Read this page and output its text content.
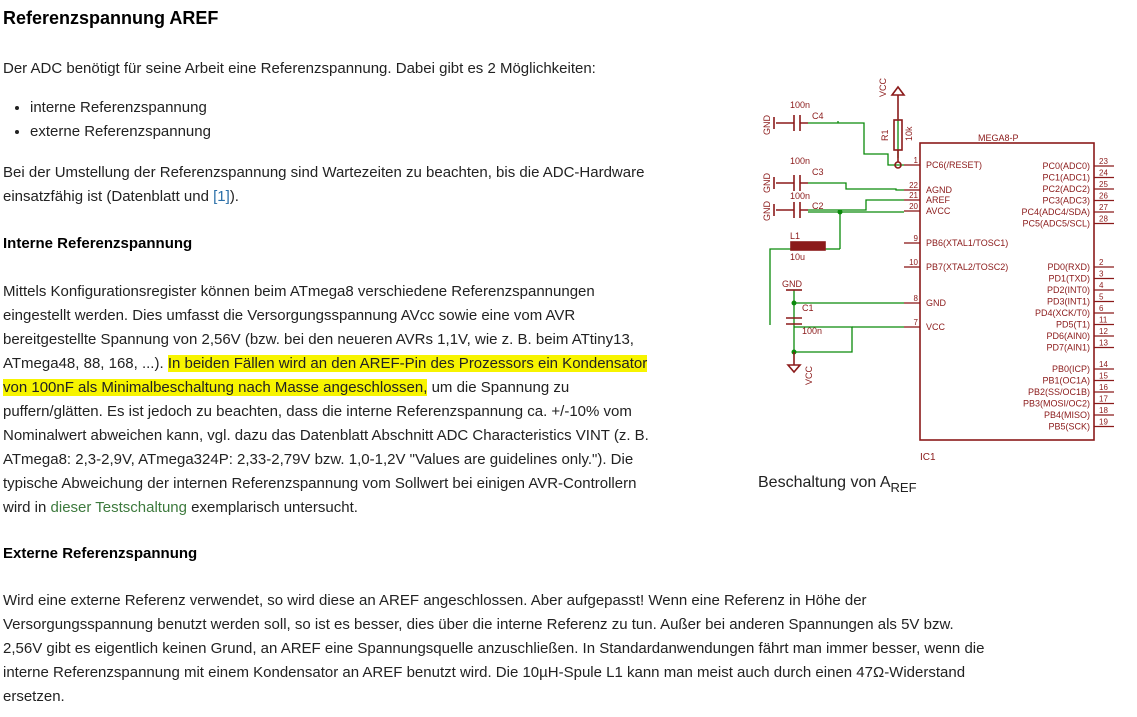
Referenzspannung AREF

Der ADC benötigt für seine Arbeit eine Referenzspannung. Dabei gibt es 2 Möglichkeiten:

• interne Referenzspannung
• externe Referenzspannung

Bei der Umstellung der Referenzspannung sind Wartezeiten zu beachten, bis die ADC-Hardware
einsatzfähig ist (Datenblatt und [1]).

Interne Referenzspannung

Mittels Konfigurationsregister können beim ATmega8 verschiedene Referenzspannungen
eingestellt werden. Dies umfasst die Versorgungsspannung AVcc sowie eine vom AVR
bereitgestellte Spannung von 2,56V (bzw. bei den neueren AVRs 1,1V, wie z. B. beim ATtiny13,
ATmega48, 88, 168, ...). In beiden Fällen wird an den AREF-Pin des Prozessors ein Kondensator
von 100nF als Minimalbeschaltung nach Masse angeschlossen, um die Spannung zu
puffern/glätten. Es ist jedoch zu beachten, dass die interne Referenzspannung ca. +/-10% vom
Nominalwert abweichen kann, vgl. dazu das Datenblatt Abschnitt ADC Characteristics VINT (z. B.
ATmega8: 2,3-2,9V, ATmega324P: 2,33-2,79V bzw. 1,0-1,2V "Values are guidelines only."). Die
typische Abweichung der internen Referenzspannung vom Sollwert bei einigen AVR-Controllern
wird in dieser Testschaltung exemplarisch untersucht.

Externe Referenzspannung

Wird eine externe Referenz verwendet, so wird diese an AREF angeschlossen. Aber aufgepasst! Wenn eine Referenz in Höhe der
Versorgungsspannung benutzt werden soll, so ist es besser, dies über die interne Referenz zu tun. Außer bei anderen Spannungen als 5V bzw.
2,56V gibt es eigentlich keinen Grund, an AREF eine Spannungsquelle anzuschließen. In Standardanwendungen fährt man immer besser, wenn die
interne Referenzspannung mit einem Kondensator an AREF benutzt wird. Die 10µH-Spule L1 kann man meist auch durch einen 47Ω-Widerstand
ersetzen.

VCC
R1 10k
100n
C4
GND
100n
C3
GND
100n
C2
GND
L1
10u
GND
C1
100n
VCC
MEGA8-P
IC1
1 PC6(/RESET)
22 AGND
21 AREF
20 AVCC
9 PB6(XTAL1/TOSC1)
10 PB7(XTAL2/TOSC2)
8 GND
7 VCC
23
PC0(ADC0)
24
PC1(ADC1)
25
PC2(ADC2)
26
PC3(ADC3)
27
PC4(ADC4/SDA)
28
PC5(ADC5/SCL)
2
PD0(RXD)
3
PD1(TXD)
4
PD2(INT0)
5
PD3(INT1)
6
PD4(XCK/T0)
11
PD5(T1)
12
PD6(AIN0)
13
PD7(AIN1)
14
PB0(ICP)
15
PB1(OC1A)
16
PB2(SS/OC1B)
17
PB3(MOSI/OC2)
18
PB4(MISO)
19
PB5(SCK)
Beschaltung von $A_{REF}$
